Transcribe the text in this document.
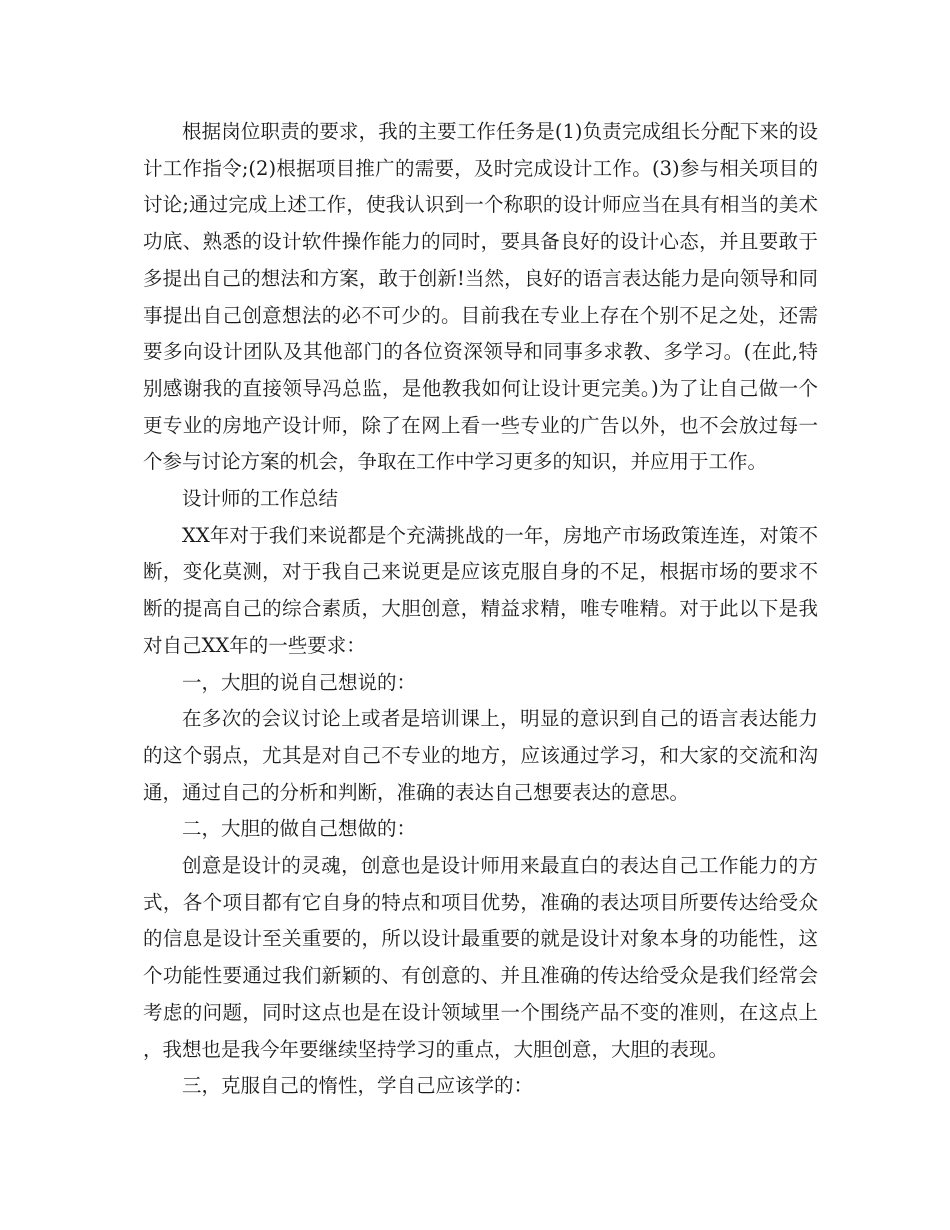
根据岗位职责的要求，我的主要工作任务是(1)负责完成组长分配下来的设计工作指令;(2)根据项目推广的需要，及时完成设计工作。(3)参与相关项目的讨论;通过完成上述工作，使我认识到一个称职的设计师应当在具有相当的美术功底、熟悉的设计软件操作能力的同时，要具备良好的设计心态，并且要敢于多提出自己的想法和方案，敢于创新!当然，良好的语言表达能力是向领导和同事提出自己创意想法的必不可少的。目前我在专业上存在个别不足之处，还需要多向设计团队及其他部门的各位资深领导和同事多求教、多学习。(在此,特别感谢我的直接领导冯总监，是他教我如何让设计更完美。)为了让自己做一个更专业的房地产设计师，除了在网上看一些专业的广告以外，也不会放过每一个参与讨论方案的机会，争取在工作中学习更多的知识，并应用于工作。

设计师的工作总结

XX年对于我们来说都是个充满挑战的一年，房地产市场政策连连，对策不断，变化莫测，对于我自己来说更是应该克服自身的不足，根据市场的要求不断的提高自己的综合素质，大胆创意，精益求精，唯专唯精。对于此以下是我对自己XX年的一些要求：

一，大胆的说自己想说的：

在多次的会议讨论上或者是培训课上，明显的意识到自己的语言表达能力的这个弱点，尤其是对自己不专业的地方，应该通过学习，和大家的交流和沟通，通过自己的分析和判断，准确的表达自己想要表达的意思。

二，大胆的做自己想做的：

创意是设计的灵魂，创意也是设计师用来最直白的表达自己工作能力的方式，各个项目都有它自身的特点和项目优势，准确的表达项目所要传达给受众的信息是设计至关重要的，所以设计最重要的就是设计对象本身的功能性，这个功能性要通过我们新颖的、有创意的、并且准确的传达给受众是我们经常会考虑的问题，同时这点也是在设计领域里一个围绕产品不变的准则，在这点上，我想也是我今年要继续坚持学习的重点，大胆创意，大胆的表现。

三，克服自己的惰性，学自己应该学的：
